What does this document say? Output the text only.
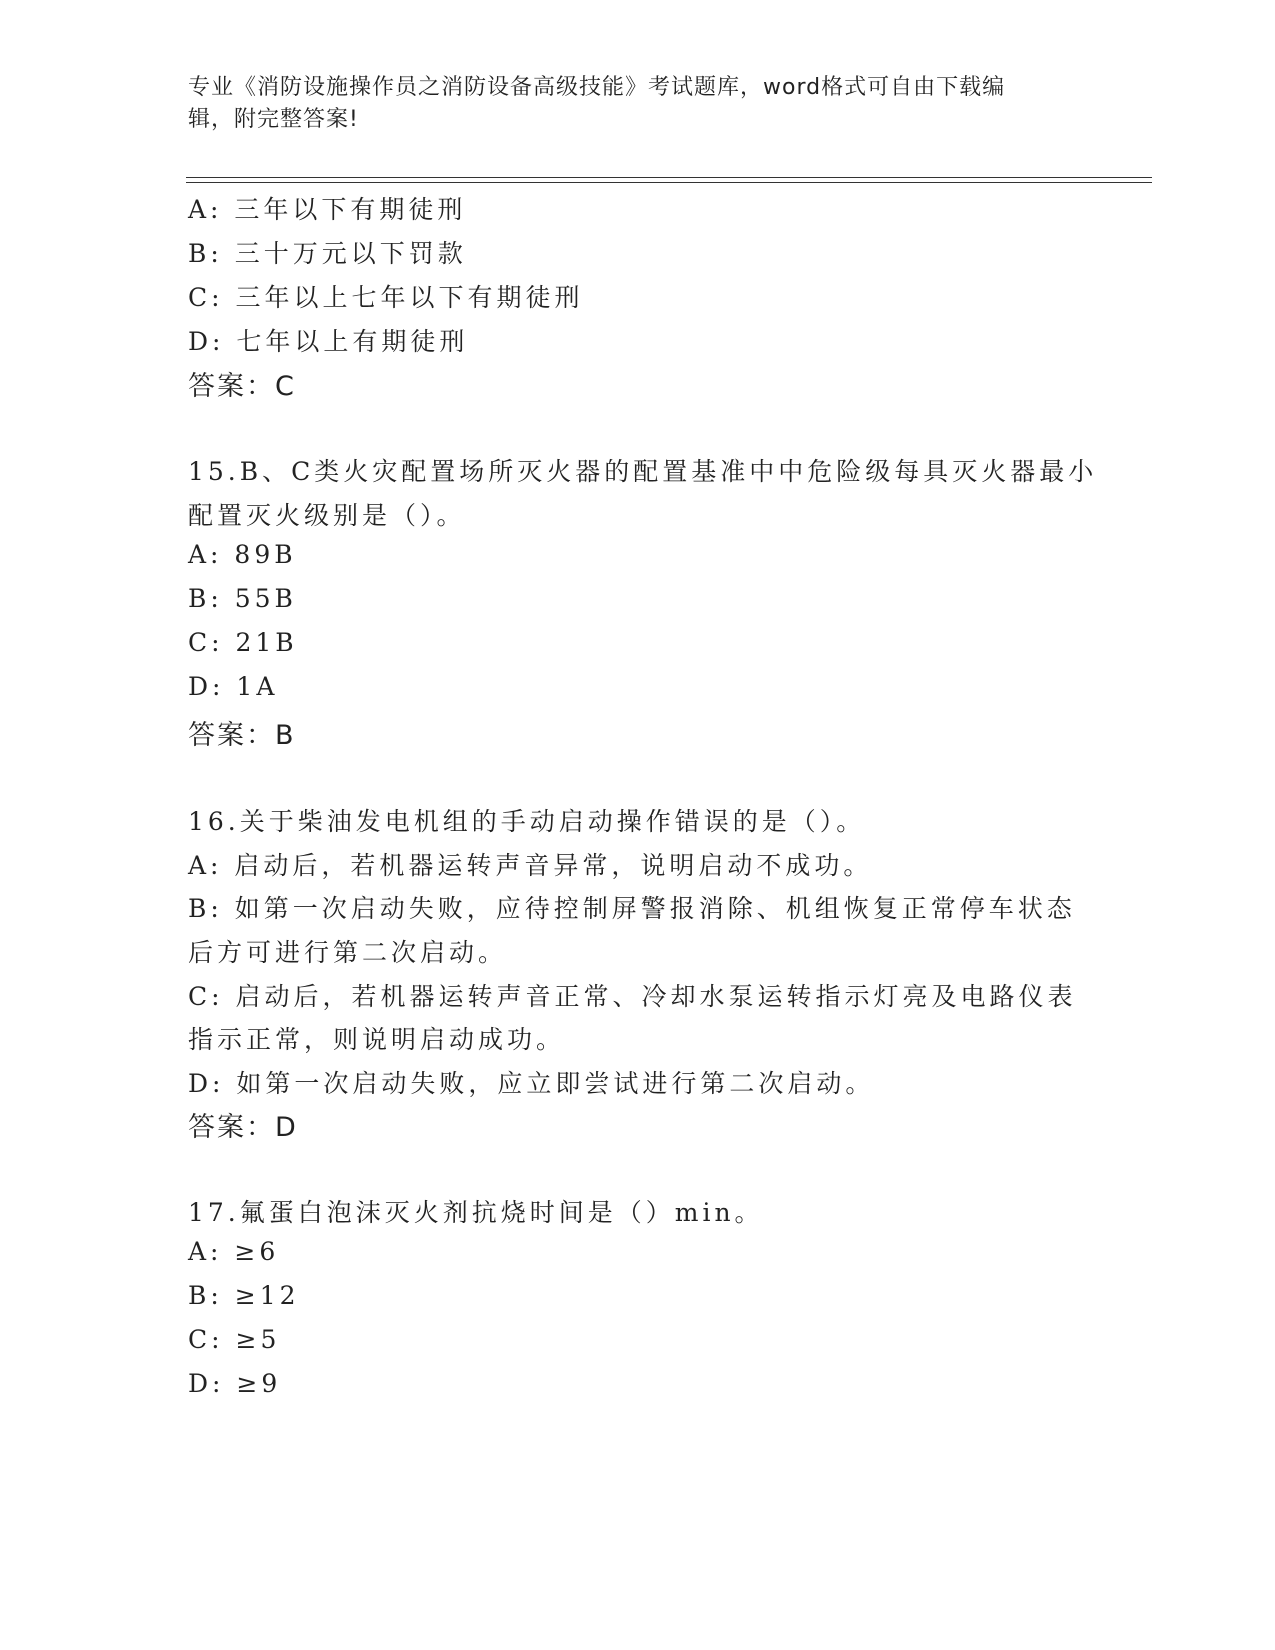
专业《消防设施操作员之消防设备高级技能》考试题库，word格式可自由下载编
辑，附完整答案!
A: 三年以下有期徒刑
B: 三十万元以下罚款
C: 三年以上七年以下有期徒刑
D: 七年以上有期徒刑
答案：C
15.B、C类火灾配置场所灭火器的配置基准中中危险级每具灭火器最小
配置灭火级别是（）。
A: 89B
B: 55B
C: 21B
D: 1A
答案：B
16.关于柴油发电机组的手动启动操作错误的是（）。
A: 启动后，若机器运转声音异常，说明启动不成功。
B: 如第一次启动失败，应待控制屏警报消除、机组恢复正常停车状态
后方可进行第二次启动。
C: 启动后，若机器运转声音正常、冷却水泵运转指示灯亮及电路仪表
指示正常，则说明启动成功。
D: 如第一次启动失败，应立即尝试进行第二次启动。
答案：D
17.氟蛋白泡沫灭火剂抗烧时间是（）min。
A: ≥6
B: ≥12
C: ≥5
D: ≥9
